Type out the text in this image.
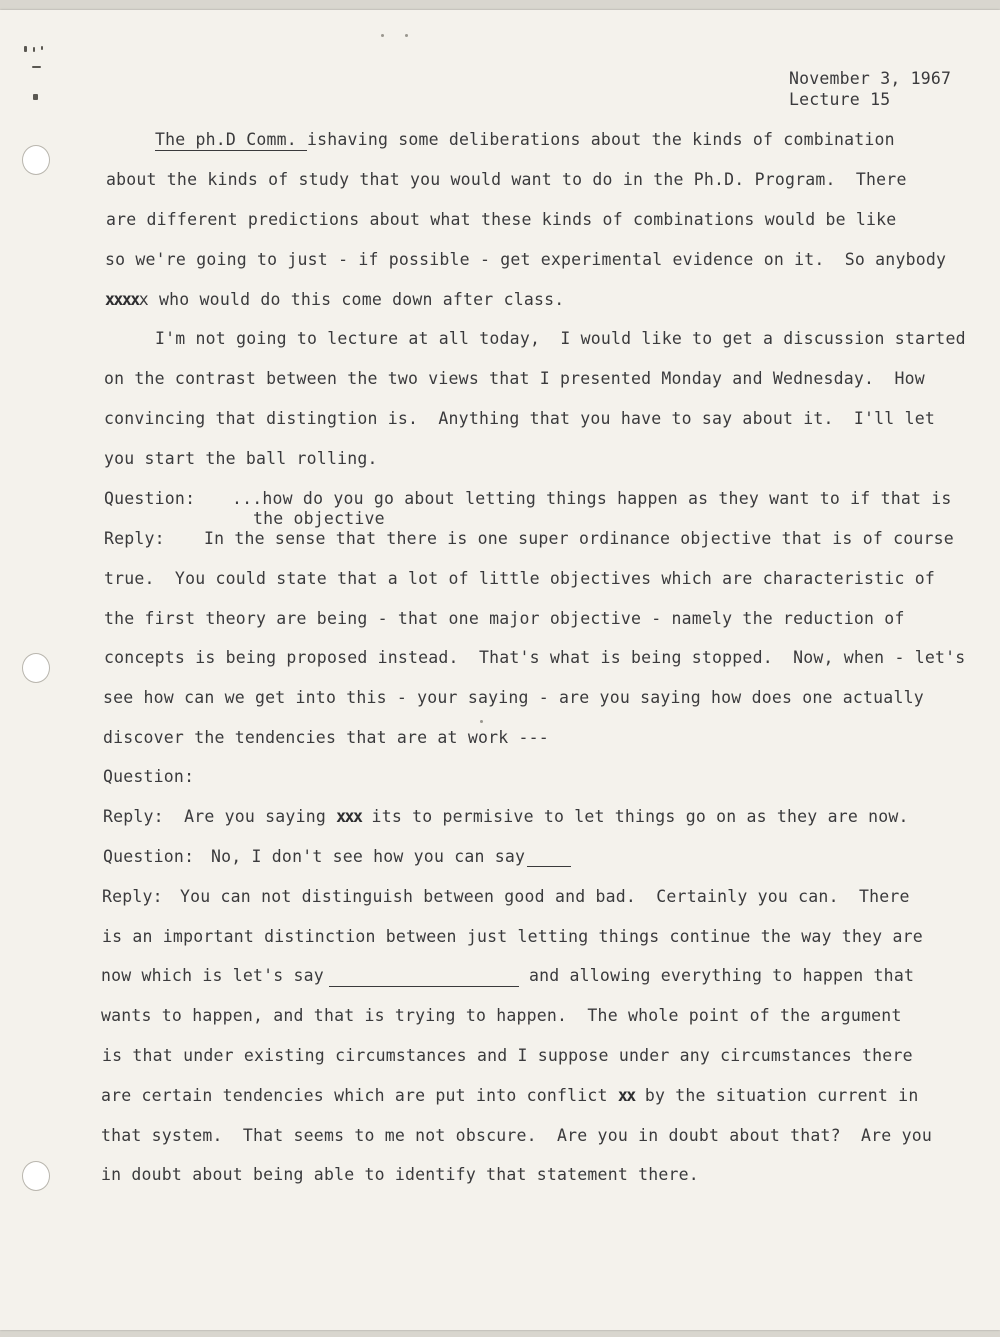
November 3, 1967
Lecture 15
The ph.D Comm. ishaving some deliberations about the kinds of combination
about the kinds of study that you would want to do in the Ph.D. Program.  There
are different predictions about what these kinds of combinations would be like
so we're going to just - if possible - get experimental evidence on it.  So anybody
xxxxx who would do this come down after class.
I'm not going to lecture at all today,  I would like to get a discussion started
on the contrast between the two views that I presented Monday and Wednesday.  How
convincing that distingtion is.  Anything that you have to say about it.  I'll let
you start the ball rolling.
Question: ...how do you go about letting things happen as they want to if that is
the objective
Reply: In the sense that there is one super ordinance objective that is of course
true.  You could state that a lot of little objectives which are characteristic of
the first theory are being - that one major objective - namely the reduction of
concepts is being proposed instead.  That's what is being stopped.  Now, when - let's
see how can we get into this - your saying - are you saying how does one actually
discover the tendencies that are at work ---
Question:
Reply: Are you saying xxx its to permisive to let things go on as they are now.
Question: No, I don't see how you can say
Reply: You can not distinguish between good and bad.  Certainly you can.  There
is an important distinction between just letting things continue the way they are
now which is let's say	and allowing everything to happen that
wants to happen, and that is trying to happen.  The whole point of the argument
is that under existing circumstances and I suppose under any circumstances there
are certain tendencies which are put into conflict xx by the situation current in
that system.  That seems to me not obscure.  Are you in doubt about that?  Are you
in doubt about being able to identify that statement there.
